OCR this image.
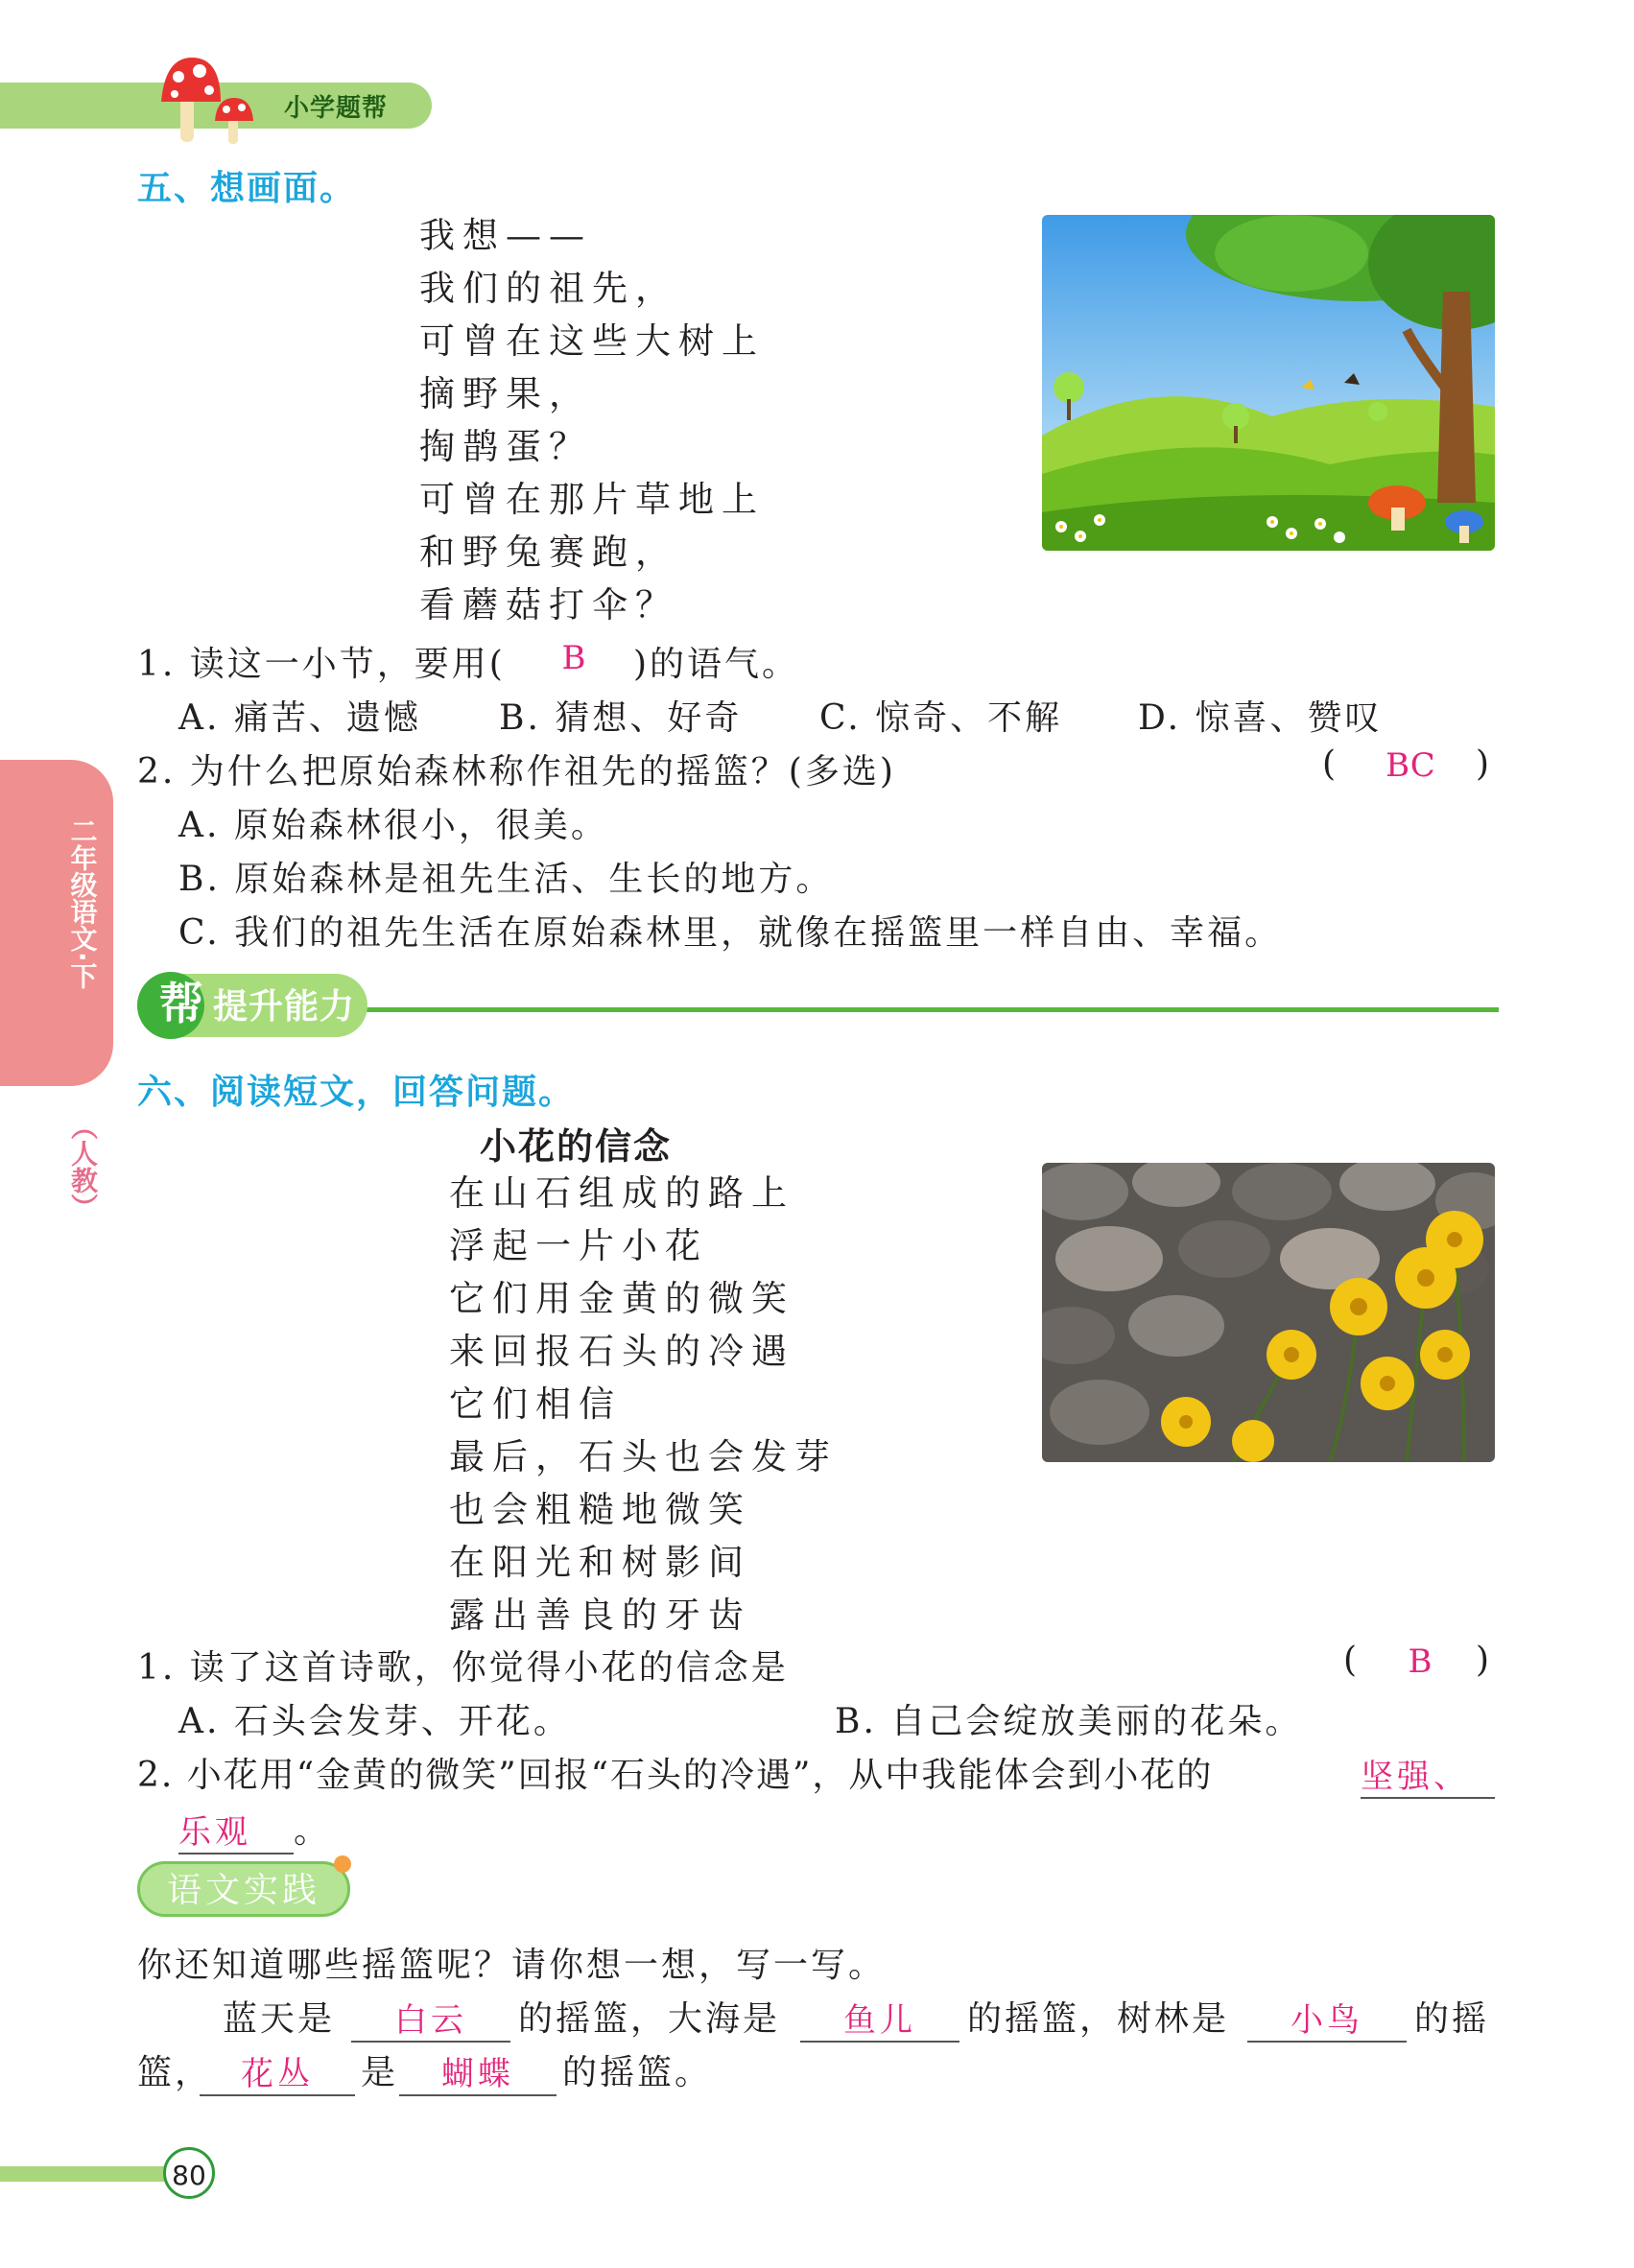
小学题帮
二年级语文·下
（人教）
五、想画面。
我想——
我们的祖先，
可曾在这些大树上
摘野果，
掏鹊蛋？
可曾在那片草地上
和野兔赛跑，
看蘑菇打伞？
1. 读这一小节，要用(	B	)的语气。
A. 痛苦、遗憾 B. 猜想、好奇 C. 惊奇、不解 D. 惊喜、赞叹
2. 为什么把原始森林称作祖先的摇篮？(多选)	(	BC	)
A. 原始森林很小，很美。
B. 原始森林是祖先生活、生长的地方。
C. 我们的祖先生活在原始森林里，就像在摇篮里一样自由、幸福。
帮 提升能力
六、阅读短文，回答问题。
小花的信念
在山石组成的路上
浮起一片小花
它们用金黄的微笑
来回报石头的冷遇
它们相信
最后，石头也会发芽
也会粗糙地微笑
在阳光和树影间
露出善良的牙齿
1. 读了这首诗歌，你觉得小花的信念是	(	B	)
A. 石头会发芽、开花。	B. 自己会绽放美丽的花朵。
2. 小花用“金黄的微笑”回报“石头的冷遇”，从中我能体会到小花的	坚强、
乐观	。
语文实践
你还知道哪些摇篮呢？请你想一想，写一写。
蓝天是	白云	的摇篮，大海是	鱼儿	的摇篮，树林是	小鸟	的摇
篮， 花丛	是	蝴蝶	的摇篮。
80
